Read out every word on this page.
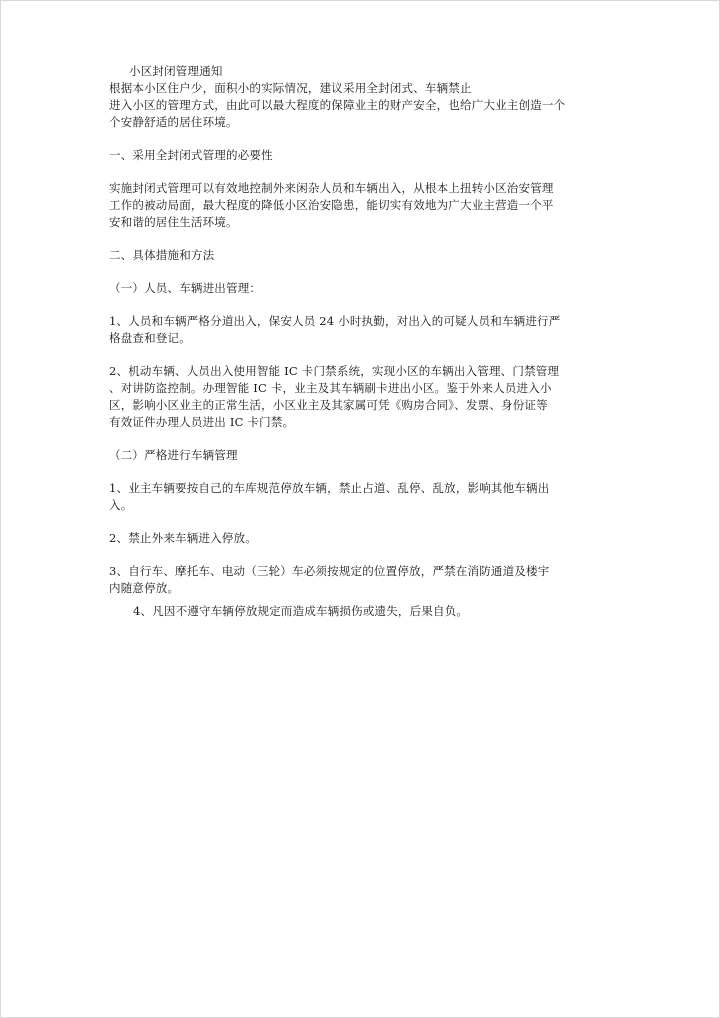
小区封闭管理通知

根据本小区住户少，面积小的实际情况，建议采用全封闭式、车辆禁止

进入小区的管理方式，由此可以最大程度的保障业主的财产安全，也给广大业主创造一个

个安静舒适的居住环境。

一、采用全封闭式管理的必要性

实施封闭式管理可以有效地控制外来闲杂人员和车辆出入，从根本上扭转小区治安管理

工作的被动局面，最大程度的降低小区治安隐患，能切实有效地为广大业主营造一个平

安和谐的居住生活环境。

二、具体措施和方法

（一）人员、车辆进出管理：

1、人员和车辆严格分道出入，保安人员 24 小时执勤，对出入的可疑人员和车辆进行严

格盘查和登记。

2、机动车辆、人员出入使用智能 IC 卡门禁系统，实现小区的车辆出入管理、门禁管理

、对讲防盗控制。办理智能 IC 卡，业主及其车辆刷卡进出小区。鉴于外来人员进入小

区，影响小区业主的正常生活，小区业主及其家属可凭《购房合同》、发票、身份证等

有效证件办理人员进出 IC 卡门禁。

（二）严格进行车辆管理

1、业主车辆要按自己的车库规范停放车辆，禁止占道、乱停、乱放，影响其他车辆出

入。

2、禁止外来车辆进入停放。

3、自行车、摩托车、电动（三轮）车必须按规定的位置停放，严禁在消防通道及楼宇

内随意停放。

4、凡因不遵守车辆停放规定而造成车辆损伤或遗失，后果自负。
